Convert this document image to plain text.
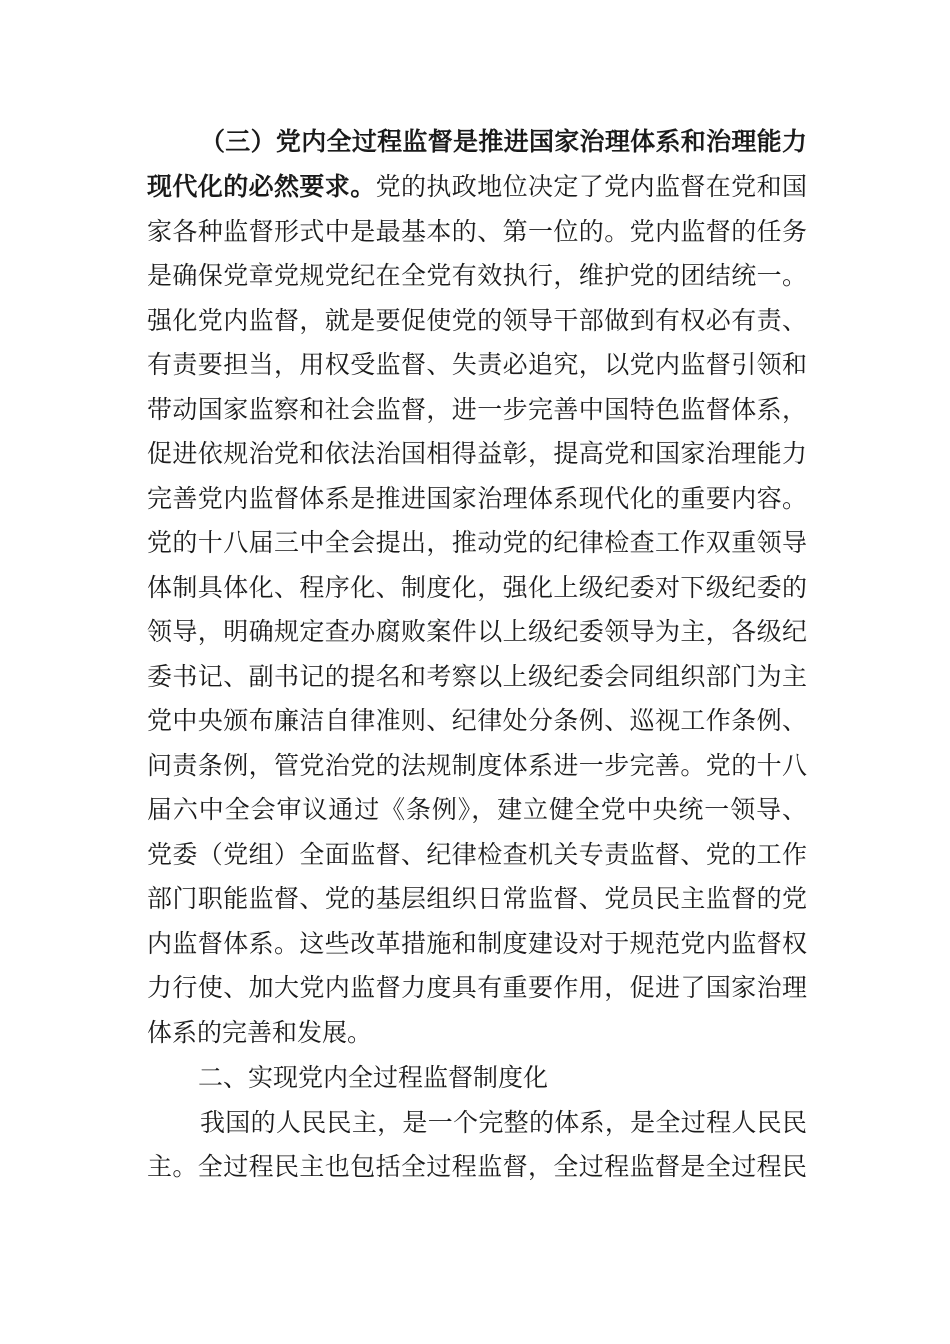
（三）党内全过程监督是推进国家治理体系和治理能力
现代化的必然要求。党的执政地位决定了党内监督在党和国
家各种监督形式中是最基本的、第一位的。党内监督的任务
是确保党章党规党纪在全党有效执行，维护党的团结统一。
强化党内监督，就是要促使党的领导干部做到有权必有责、
有责要担当，用权受监督、失责必追究，以党内监督引领和
带动国家监察和社会监督，进一步完善中国特色监督体系，
促进依规治党和依法治国相得益彰，提高党和国家治理能力
完善党内监督体系是推进国家治理体系现代化的重要内容。
党的十八届三中全会提出，推动党的纪律检查工作双重领导
体制具体化、程序化、制度化，强化上级纪委对下级纪委的
领导，明确规定查办腐败案件以上级纪委领导为主，各级纪
委书记、副书记的提名和考察以上级纪委会同组织部门为主
党中央颁布廉洁自律准则、纪律处分条例、巡视工作条例、
问责条例，管党治党的法规制度体系进一步完善。党的十八
届六中全会审议通过《条例》，建立健全党中央统一领导、
党委（党组）全面监督、纪律检查机关专责监督、党的工作
部门职能监督、党的基层组织日常监督、党员民主监督的党
内监督体系。这些改革措施和制度建设对于规范党内监督权
力行使、加大党内监督力度具有重要作用，促进了国家治理
体系的完善和发展。
二、实现党内全过程监督制度化
我国的人民民主，是一个完整的体系，是全过程人民民
主。全过程民主也包括全过程监督，全过程监督是全过程民
